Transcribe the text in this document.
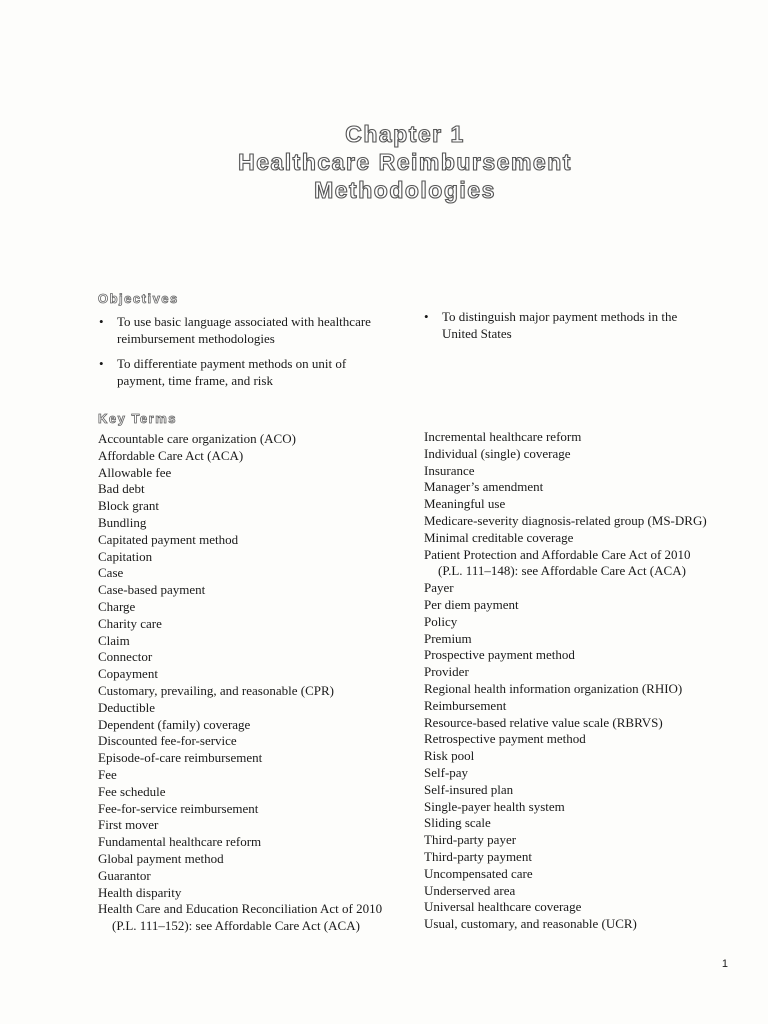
Chapter 1
Healthcare Reimbursement
Methodologies
Objectives
• To use basic language associated with healthcare
reimbursement methodologies
• To differentiate payment methods on unit of
payment, time frame, and risk
• To distinguish major payment methods in the
United States
Key Terms
Accountable care organization (ACO)
Affordable Care Act (ACA)
Allowable fee
Bad debt
Block grant
Bundling
Capitated payment method
Capitation
Case
Case-based payment
Charge
Charity care
Claim
Connector
Copayment
Customary, prevailing, and reasonable (CPR)
Deductible
Dependent (family) coverage
Discounted fee-for-service
Episode-of-care reimbursement
Fee
Fee schedule
Fee-for-service reimbursement
First mover
Fundamental healthcare reform
Global payment method
Guarantor
Health disparity
Health Care and Education Reconciliation Act of 2010
(P.L. 111–152): see Affordable Care Act (ACA)
Incremental healthcare reform
Individual (single) coverage
Insurance
Manager’s amendment
Meaningful use
Medicare-severity diagnosis-related group (MS-DRG)
Minimal creditable coverage
Patient Protection and Affordable Care Act of 2010
(P.L. 111–148): see Affordable Care Act (ACA)
Payer
Per diem payment
Policy
Premium
Prospective payment method
Provider
Regional health information organization (RHIO)
Reimbursement
Resource-based relative value scale (RBRVS)
Retrospective payment method
Risk pool
Self-pay
Self-insured plan
Single-payer health system
Sliding scale
Third-party payer
Third-party payment
Uncompensated care
Underserved area
Universal healthcare coverage
Usual, customary, and reasonable (UCR)
1
